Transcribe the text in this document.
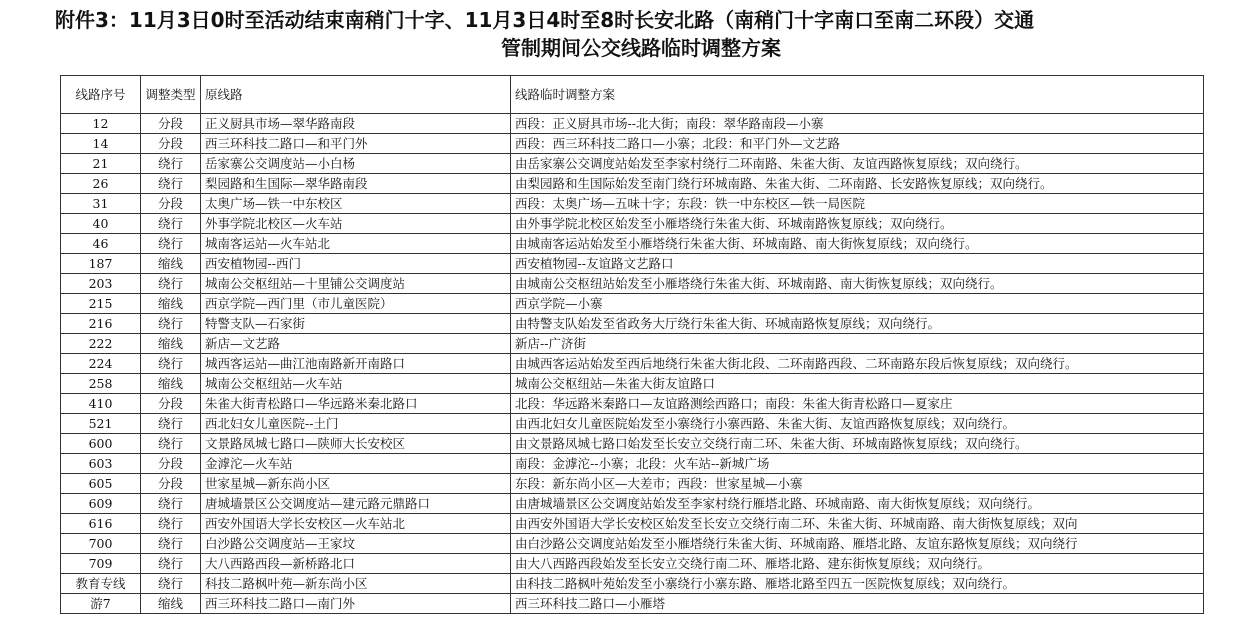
附件3：11月3日0时至活动结束南稍门十字、11月3日4时至8时长安北路（南稍门十字南口至南二环段）交通
管制期间公交线路临时调整方案
线路序号	调整类型	原线路	线路临时调整方案
12	分段	正义厨具市场—翠华路南段	西段：正义厨具市场--北大街；南段：翠华路南段—小寨
14	分段	西三环科技二路口—和平门外	西段：西三环科技二路口—小寨；北段：和平门外—文艺路
21	绕行	岳家寨公交调度站—小白杨	由岳家寨公交调度站始发至李家村绕行二环南路、朱雀大街、友谊西路恢复原线；双向绕行。
26	绕行	梨园路和生国际—翠华路南段	由梨园路和生国际始发至南门绕行环城南路、朱雀大街、二环南路、长安路恢复原线；双向绕行。
31	分段	太奥广场—铁一中东校区	西段：太奥广场—五味十字；东段：铁一中东校区—铁一局医院
40	绕行	外事学院北校区—火车站	由外事学院北校区始发至小雁塔绕行朱雀大街、环城南路恢复原线；双向绕行。
46	绕行	城南客运站—火车站北	由城南客运站始发至小雁塔绕行朱雀大街、环城南路、南大街恢复原线；双向绕行。
187	缩线	西安植物园--西门	西安植物园--友谊路文艺路口
203	绕行	城南公交枢纽站—十里铺公交调度站	由城南公交枢纽站始发至小雁塔绕行朱雀大街、环城南路、南大街恢复原线；双向绕行。
215	缩线	西京学院—西门里（市儿童医院）	西京学院—小寨
216	绕行	特警支队—石家街	由特警支队始发至省政务大厅绕行朱雀大街、环城南路恢复原线；双向绕行。
222	缩线	新店—文艺路	新店--广济街
224	绕行	城西客运站—曲江池南路新开南路口	由城西客运站始发至西后地绕行朱雀大街北段、二环南路西段、二环南路东段后恢复原线；双向绕行。
258	缩线	城南公交枢纽站—火车站	城南公交枢纽站—朱雀大街友谊路口
410	分段	朱雀大街青松路口—华远路米秦北路口	北段：华远路米秦路口—友谊路测绘西路口；南段：朱雀大街青松路口—夏家庄
521	绕行	西北妇女儿童医院--土门	由西北妇女儿童医院始发至小寨绕行小寨西路、朱雀大街、友谊西路恢复原线；双向绕行。
600	绕行	文景路凤城七路口—陕师大长安校区	由文景路凤城七路口始发至长安立交绕行南二环、朱雀大街、环城南路恢复原线；双向绕行。
603	分段	金滹沱—火车站	南段：金滹沱--小寨；北段：火车站--新城广场
605	分段	世家星城—新东尚小区	东段：新东尚小区—大差市；西段：世家星城—小寨
609	绕行	唐城墙景区公交调度站—建元路元鼎路口	由唐城墙景区公交调度站始发至李家村绕行雁塔北路、环城南路、南大街恢复原线；双向绕行。
616	绕行	西安外国语大学长安校区—火车站北	由西安外国语大学长安校区始发至长安立交绕行南二环、朱雀大街、环城南路、南大街恢复原线；双向
700	绕行	白沙路公交调度站—王家坟	由白沙路公交调度站始发至小雁塔绕行朱雀大街、环城南路、雁塔北路、友谊东路恢复原线；双向绕行
709	绕行	大八西路西段—新桥路北口	由大八西路西段始发至长安立交绕行南二环、雁塔北路、建东街恢复原线；双向绕行。
教育专线	绕行	科技二路枫叶苑—新东尚小区	由科技二路枫叶苑始发至小寨绕行小寨东路、雁塔北路至四五一医院恢复原线；双向绕行。
游7	缩线	西三环科技二路口—南门外	西三环科技二路口—小雁塔
